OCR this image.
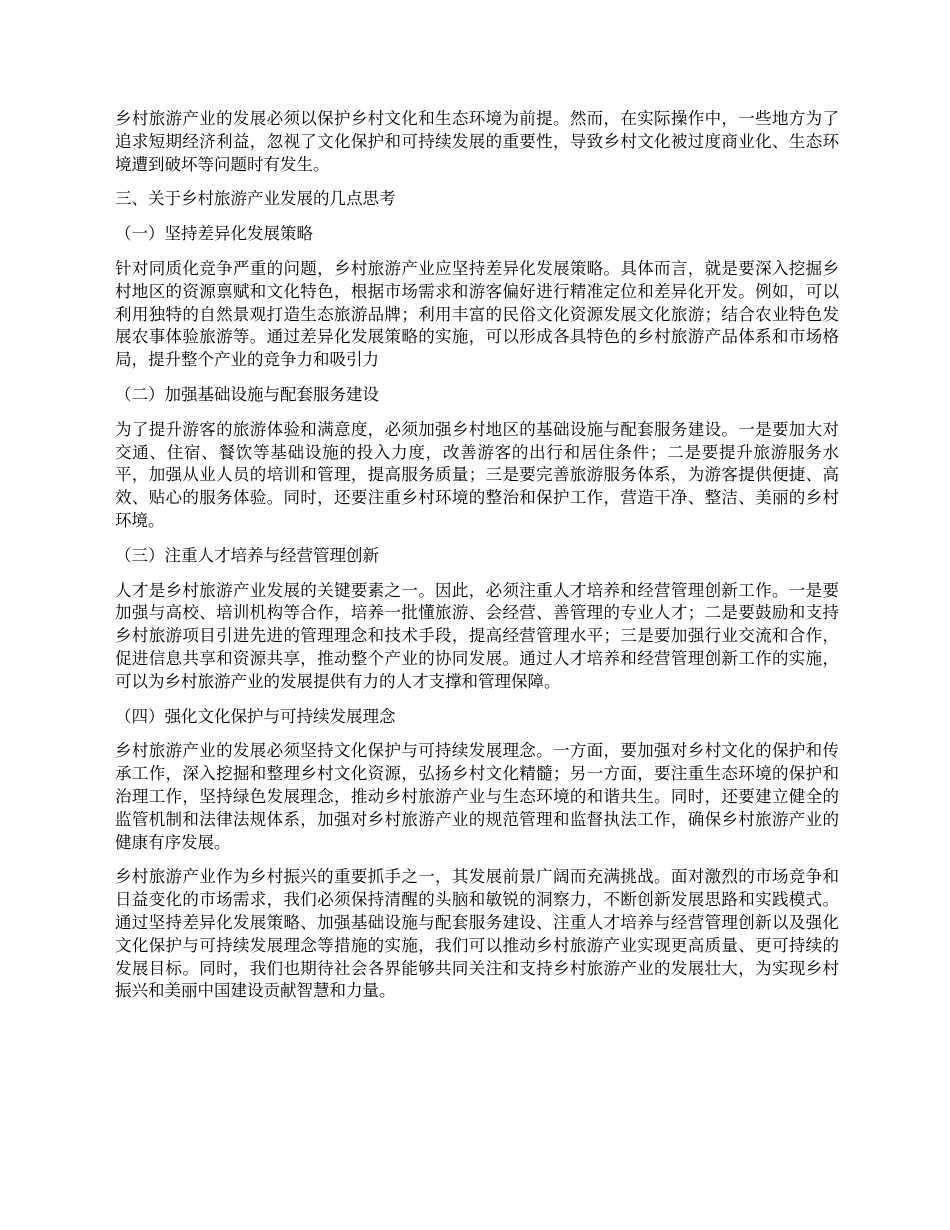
乡村旅游产业的发展必须以保护乡村文化和生态环境为前提。然而，在实际操作中，一些地方为了追求短期经济利益，忽视了文化保护和可持续发展的重要性，导致乡村文化被过度商业化、生态环境遭到破坏等问题时有发生。

三、关于乡村旅游产业发展的几点思考

（一）坚持差异化发展策略

针对同质化竞争严重的问题，乡村旅游产业应坚持差异化发展策略。具体而言，就是要深入挖掘乡村地区的资源禀赋和文化特色，根据市场需求和游客偏好进行精准定位和差异化开发。例如，可以利用独特的自然景观打造生态旅游品牌；利用丰富的民俗文化资源发展文化旅游；结合农业特色发展农事体验旅游等。通过差异化发展策略的实施，可以形成各具特色的乡村旅游产品体系和市场格局，提升整个产业的竞争力和吸引力

（二）加强基础设施与配套服务建设

为了提升游客的旅游体验和满意度，必须加强乡村地区的基础设施与配套服务建设。一是要加大对交通、住宿、餐饮等基础设施的投入力度，改善游客的出行和居住条件；二是要提升旅游服务水平，加强从业人员的培训和管理，提高服务质量；三是要完善旅游服务体系，为游客提供便捷、高效、贴心的服务体验。同时，还要注重乡村环境的整治和保护工作，营造干净、整洁、美丽的乡村环境。

（三）注重人才培养与经营管理创新

人才是乡村旅游产业发展的关键要素之一。因此，必须注重人才培养和经营管理创新工作。一是要加强与高校、培训机构等合作，培养一批懂旅游、会经营、善管理的专业人才；二是要鼓励和支持乡村旅游项目引进先进的管理理念和技术手段，提高经营管理水平；三是要加强行业交流和合作，促进信息共享和资源共享，推动整个产业的协同发展。通过人才培养和经营管理创新工作的实施，可以为乡村旅游产业的发展提供有力的人才支撑和管理保障。

（四）强化文化保护与可持续发展理念

乡村旅游产业的发展必须坚持文化保护与可持续发展理念。一方面，要加强对乡村文化的保护和传承工作，深入挖掘和整理乡村文化资源，弘扬乡村文化精髓；另一方面，要注重生态环境的保护和治理工作，坚持绿色发展理念，推动乡村旅游产业与生态环境的和谐共生。同时，还要建立健全的监管机制和法律法规体系，加强对乡村旅游产业的规范管理和监督执法工作，确保乡村旅游产业的健康有序发展。

乡村旅游产业作为乡村振兴的重要抓手之一，其发展前景广阔而充满挑战。面对激烈的市场竞争和日益变化的市场需求，我们必须保持清醒的头脑和敏锐的洞察力，不断创新发展思路和实践模式。通过坚持差异化发展策略、加强基础设施与配套服务建设、注重人才培养与经营管理创新以及强化文化保护与可持续发展理念等措施的实施，我们可以推动乡村旅游产业实现更高质量、更可持续的发展目标。同时，我们也期待社会各界能够共同关注和支持乡村旅游产业的发展壮大，为实现乡村振兴和美丽中国建设贡献智慧和力量。
